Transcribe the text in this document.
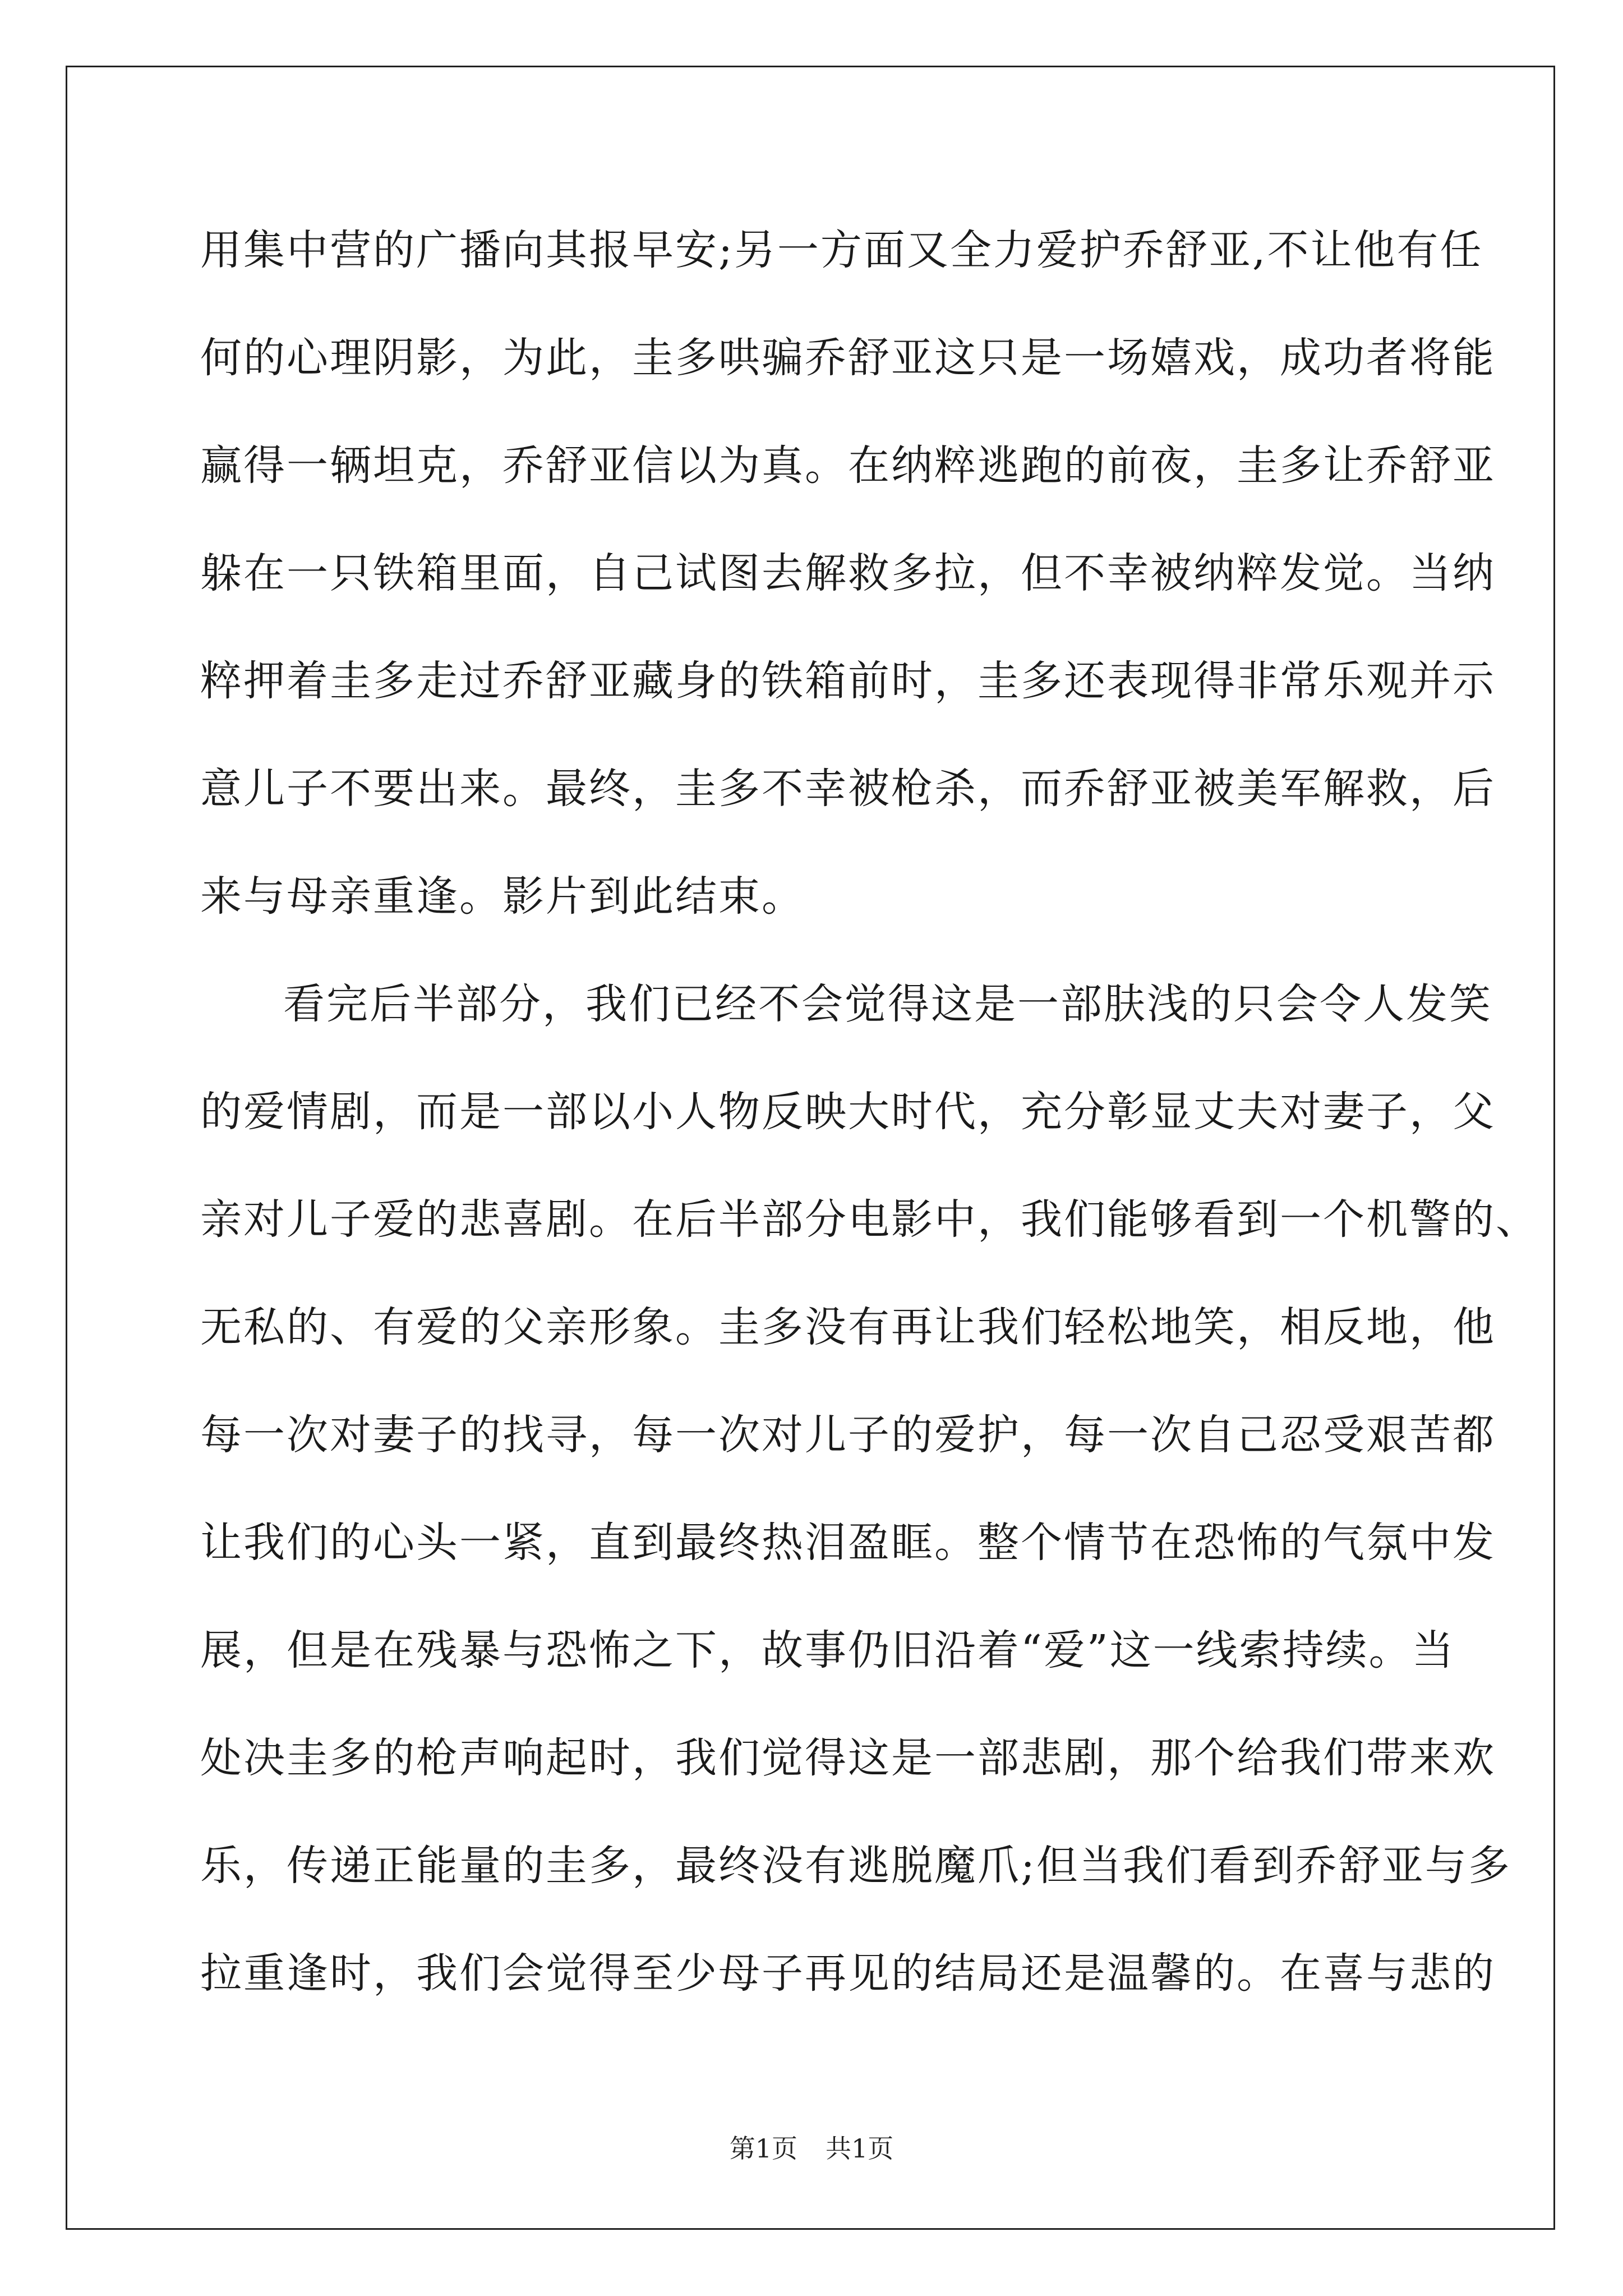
用集中营的广播向其报早安;另一方面又全力爱护乔舒亚,不让他有任
何的心理阴影，为此，圭多哄骗乔舒亚这只是一场嬉戏，成功者将能
赢得一辆坦克，乔舒亚信以为真。在纳粹逃跑的前夜，圭多让乔舒亚
躲在一只铁箱里面，自己试图去解救多拉，但不幸被纳粹发觉。当纳
粹押着圭多走过乔舒亚藏身的铁箱前时，圭多还表现得非常乐观并示
意儿子不要出来。最终，圭多不幸被枪杀，而乔舒亚被美军解救，后
来与母亲重逢。影片到此结束。
看完后半部分，我们已经不会觉得这是一部肤浅的只会令人发笑
的爱情剧，而是一部以小人物反映大时代，充分彰显丈夫对妻子，父
亲对儿子爱的悲喜剧。在后半部分电影中，我们能够看到一个机警的、
无私的、有爱的父亲形象。圭多没有再让我们轻松地笑，相反地，他
每一次对妻子的找寻，每一次对儿子的爱护，每一次自己忍受艰苦都
让我们的心头一紧，直到最终热泪盈眶。整个情节在恐怖的气氛中发
展，但是在残暴与恐怖之下，故事仍旧沿着“爱”这一线索持续。当
处决圭多的枪声响起时，我们觉得这是一部悲剧，那个给我们带来欢
乐，传递正能量的圭多，最终没有逃脱魔爪;但当我们看到乔舒亚与多
拉重逢时，我们会觉得至少母子再见的结局还是温馨的。在喜与悲的
第1页 共1页
